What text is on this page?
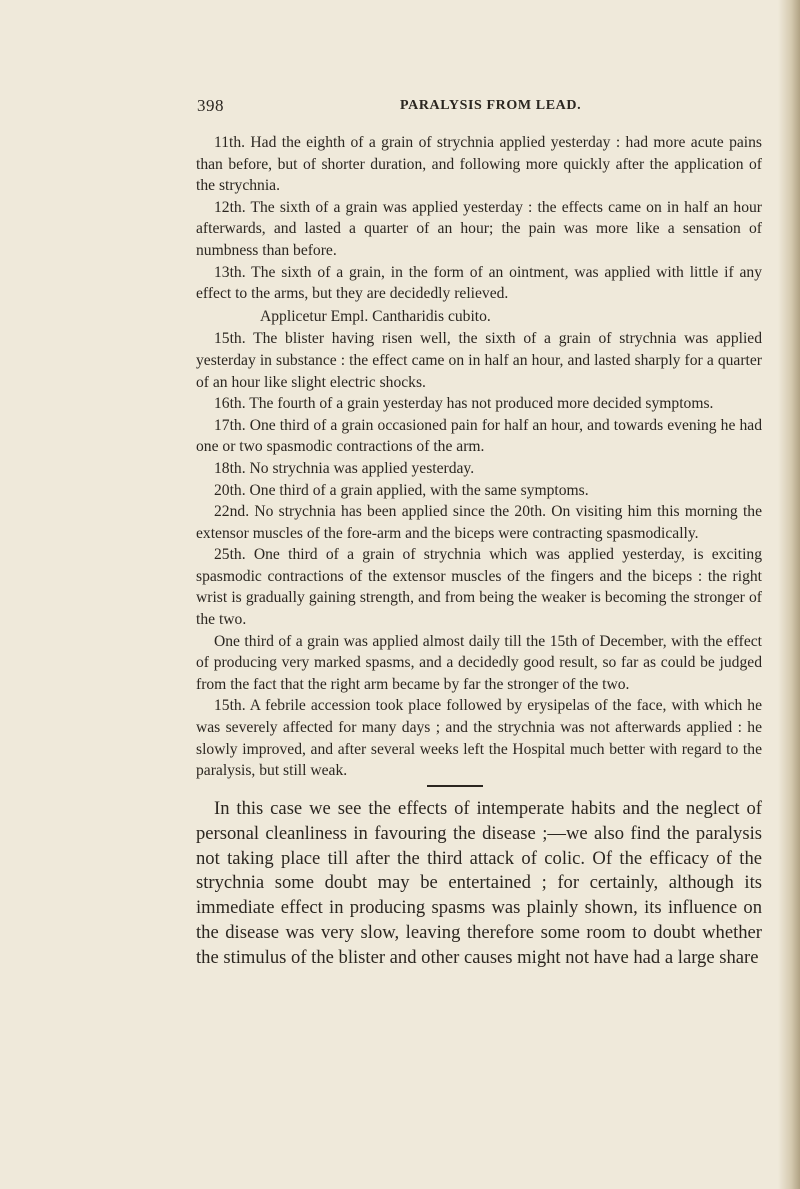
398	PARALYSIS FROM LEAD.

11th. Had the eighth of a grain of strychnia applied yesterday : had more acute pains than before, but of shorter duration, and following more quickly after the application of the strychnia.

12th. The sixth of a grain was applied yesterday : the effects came on in half an hour afterwards, and lasted a quarter of an hour; the pain was more like a sensation of numbness than before.

13th. The sixth of a grain, in the form of an ointment, was applied with little if any effect to the arms, but they are decidedly relieved.

Applicetur Empl. Cantharidis cubito.

15th. The blister having risen well, the sixth of a grain of strychnia was applied yesterday in substance : the effect came on in half an hour, and lasted sharply for a quarter of an hour like slight electric shocks.

16th. The fourth of a grain yesterday has not produced more decided symptoms.

17th. One third of a grain occasioned pain for half an hour, and towards evening he had one or two spasmodic contractions of the arm.

18th. No strychnia was applied yesterday.

20th. One third of a grain applied, with the same symptoms.

22nd. No strychnia has been applied since the 20th. On visiting him this morning the extensor muscles of the fore-arm and the biceps were contracting spasmodically.

25th. One third of a grain of strychnia which was applied yesterday, is exciting spasmodic contractions of the extensor muscles of the fingers and the biceps : the right wrist is gradually gaining strength, and from being the weaker is becoming the stronger of the two.

One third of a grain was applied almost daily till the 15th of December, with the effect of producing very marked spasms, and a decidedly good result, so far as could be judged from the fact that the right arm became by far the stronger of the two.

15th. A febrile accession took place followed by erysipelas of the face, with which he was severely affected for many days ; and the strychnia was not afterwards applied : he slowly improved, and after several weeks left the Hospital much better with regard to the paralysis, but still weak.

In this case we see the effects of intemperate habits and the neglect of personal cleanliness in favouring the disease ;—we also find the paralysis not taking place till after the third attack of colic. Of the efficacy of the strychnia some doubt may be entertained ; for certainly, although its immediate effect in producing spasms was plainly shown, its influence on the disease was very slow, leaving therefore some room to doubt whether the stimulus of the blister and other causes might not have had a large share
